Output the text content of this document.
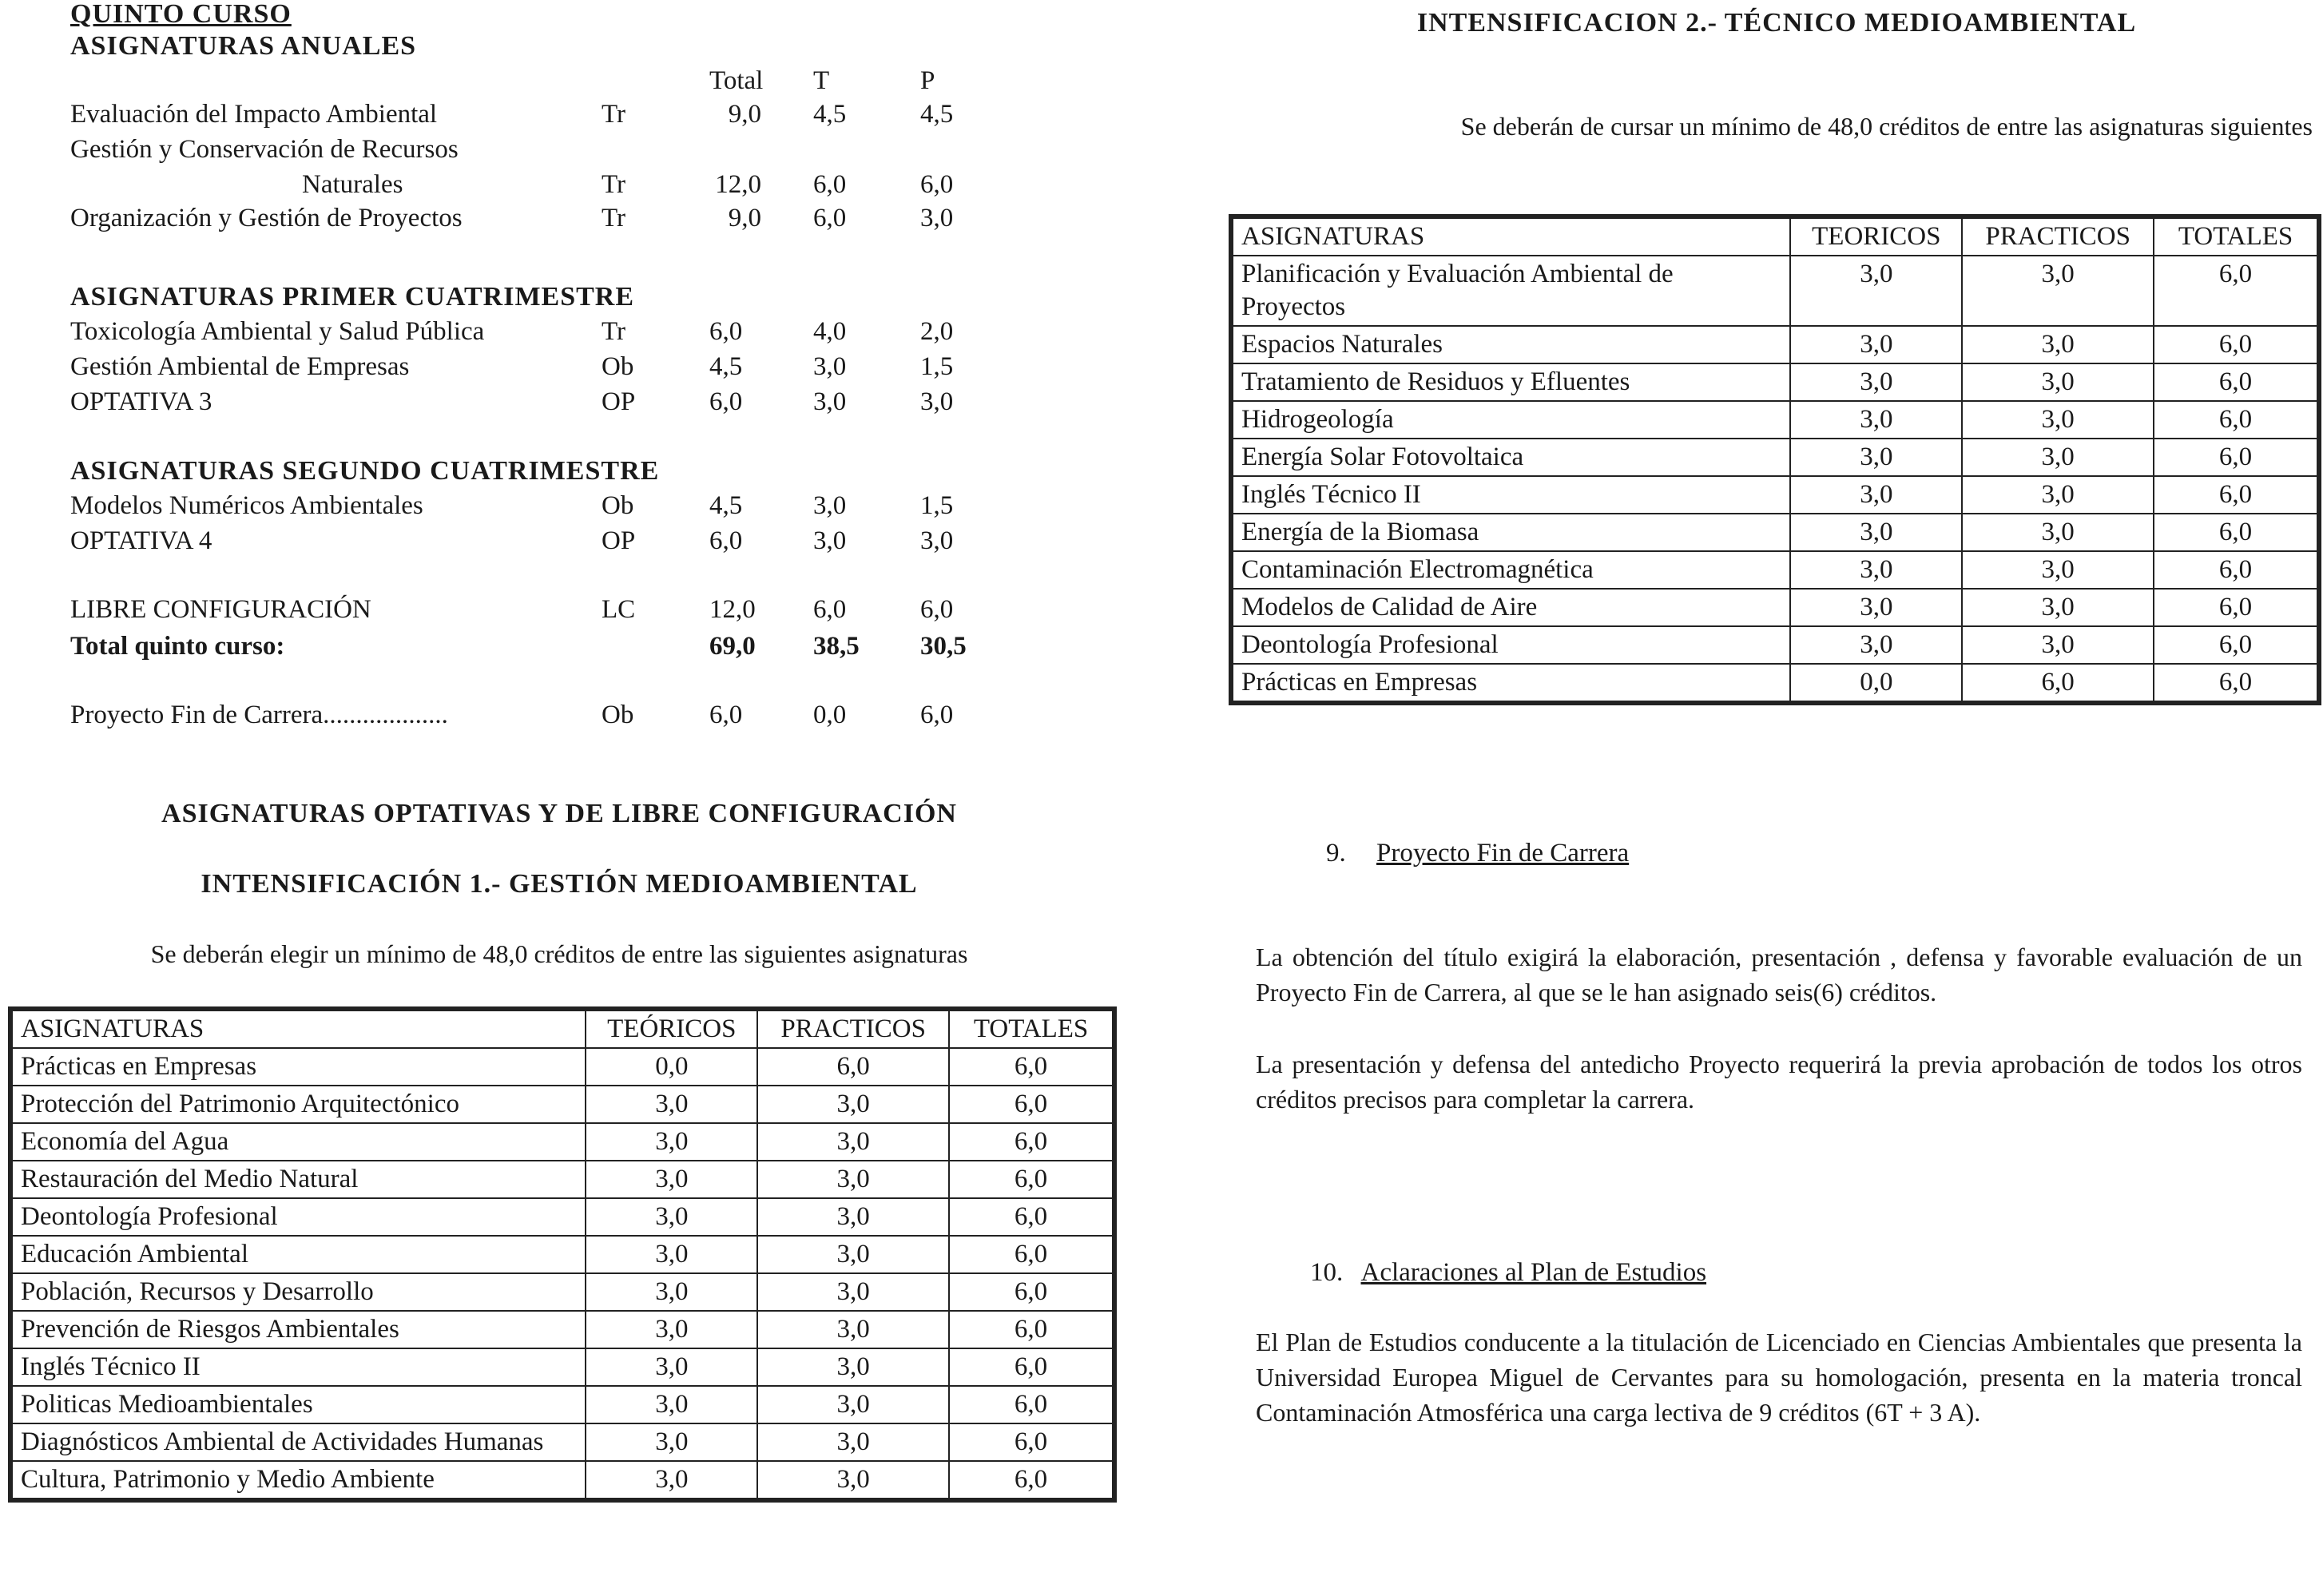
QUINTO CURSO
ASIGNATURAS ANUALES
Total T	P
Evaluación del Impacto Ambiental	Tr	9,0 4,5	4,5
Gestión y Conservación de Recursos
Naturales	Tr	12,0 6,0	6,0
Organización y Gestión de Proyectos	Tr	9,0 6,0	3,0
ASIGNATURAS PRIMER CUATRIMESTRE
Toxicología Ambiental y Salud Pública	Tr	6,0	4,0	2,0
Gestión Ambiental de Empresas	Ob	4,5	3,0	1,5
OPTATIVA 3	OP	6,0	3,0	3,0
ASIGNATURAS SEGUNDO CUATRIMESTRE
Modelos Numéricos Ambientales	Ob	4,5	3,0	1,5
OPTATIVA 4	OP	6,0	3,0	3,0
LIBRE CONFIGURACIÓN	LC	12,0 6,0	6,0
Total quinto curso:	69,0 38,5 30,5
Proyecto Fin de Carrera...................	Ob	6,0	0,0	6,0
ASIGNATURAS OPTATIVAS Y DE LIBRE CONFIGURACIÓN
INTENSIFICACIÓN 1.- GESTIÓN MEDIOAMBIENTAL
Se deberán elegir un mínimo de 48,0 créditos de entre las siguientes asignaturas
ASIGNATURAS	TEÓRICOS	PRACTICOS	TOTALES
Prácticas en Empresas	0,0	6,0	6,0
Protección del Patrimonio Arquitectónico	3,0	3,0	6,0
Economía del Agua	3,0	3,0	6,0
Restauración del Medio Natural	3,0	3,0	6,0
Deontología Profesional	3,0	3,0	6,0
Educación Ambiental	3,0	3,0	6,0
Población, Recursos y Desarrollo	3,0	3,0	6,0
Prevención de Riesgos Ambientales	3,0	3,0	6,0
Inglés Técnico II	3,0	3,0	6,0
Politicas Medioambientales	3,0	3,0	6,0
Diagnósticos Ambiental de Actividades Humanas	3,0	3,0	6,0
Cultura, Patrimonio y Medio Ambiente	3,0	3,0	6,0
INTENSIFICACION 2.- TÉCNICO MEDIOAMBIENTAL
Se deberán de cursar un mínimo de 48,0 créditos de entre las asignaturas siguientes
ASIGNATURAS	TEORICOS	PRACTICOS	TOTALES
Planificación y Evaluación Ambiental de Proyectos	3,0	3,0	6,0
Espacios Naturales	3,0	3,0	6,0
Tratamiento de Residuos y Efluentes	3,0	3,0	6,0
Hidrogeología	3,0	3,0	6,0
Energía Solar Fotovoltaica	3,0	3,0	6,0
Inglés Técnico II	3,0	3,0	6,0
Energía de la Biomasa	3,0	3,0	6,0
Contaminación Electromagnética	3,0	3,0	6,0
Modelos de Calidad de Aire	3,0	3,0	6,0
Deontología Profesional	3,0	3,0	6,0
Prácticas en Empresas	0,0	6,0	6,0
9. Proyecto Fin de Carrera
La obtención del título exigirá la elaboración, presentación , defensa y favorable evaluación de un Proyecto Fin de Carrera, al que se le han asignado seis(6) créditos.
La presentación y defensa del antedicho Proyecto requerirá la previa aprobación de todos los otros créditos precisos para completar la carrera.
10. Aclaraciones al Plan de Estudios
El Plan de Estudios conducente a la titulación de Licenciado en Ciencias Ambientales que presenta la Universidad Europea Miguel de Cervantes para su homologación, presenta en la materia troncal Contaminación Atmosférica una carga lectiva de 9 créditos (6T + 3 A).
